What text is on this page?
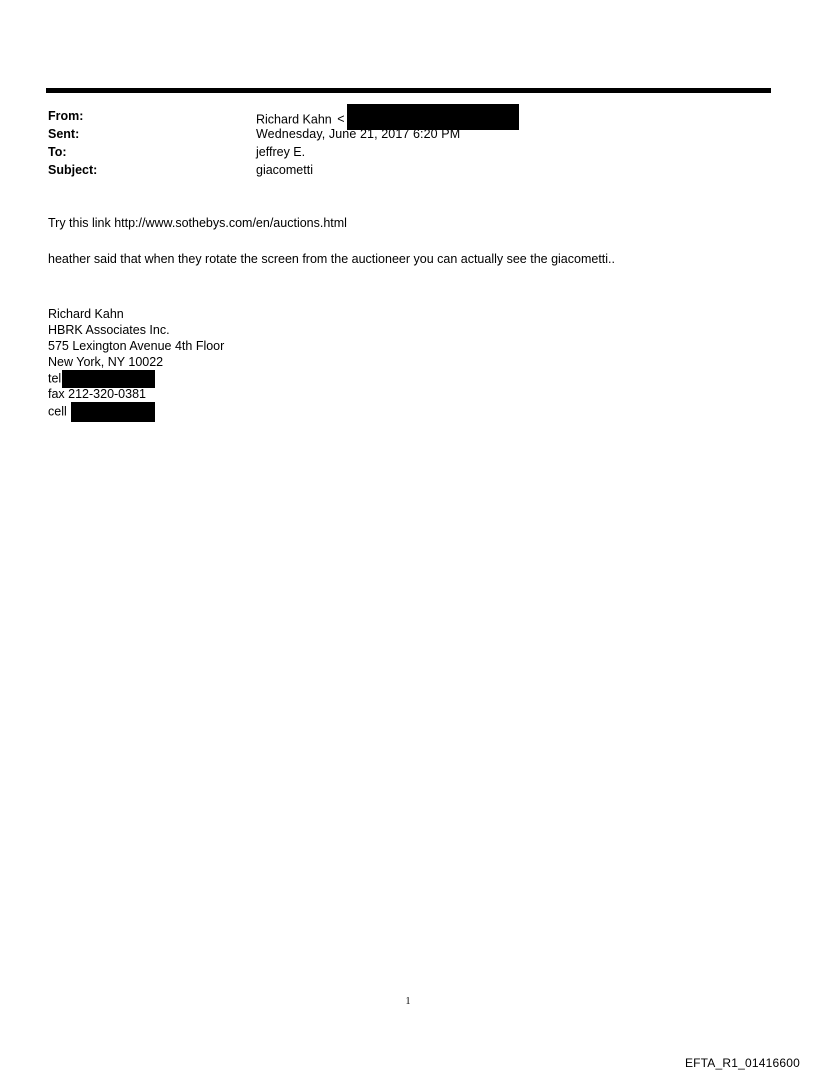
From:	Richard Kahn <
Sent:	Wednesday, June 21, 2017 6:20 PM
To:	jeffrey E.
Subject:	giacometti
Try this link http://www.sothebys.com/en/auctions.html
heather said that when they rotate the screen from the auctioneer you can actually see the giacometti..
Richard Kahn
HBRK Associates Inc.
575 Lexington Avenue 4th Floor
New York, NY 10022
tel
fax 212-320-0381
cell
1
EFTA_R1_01416600
